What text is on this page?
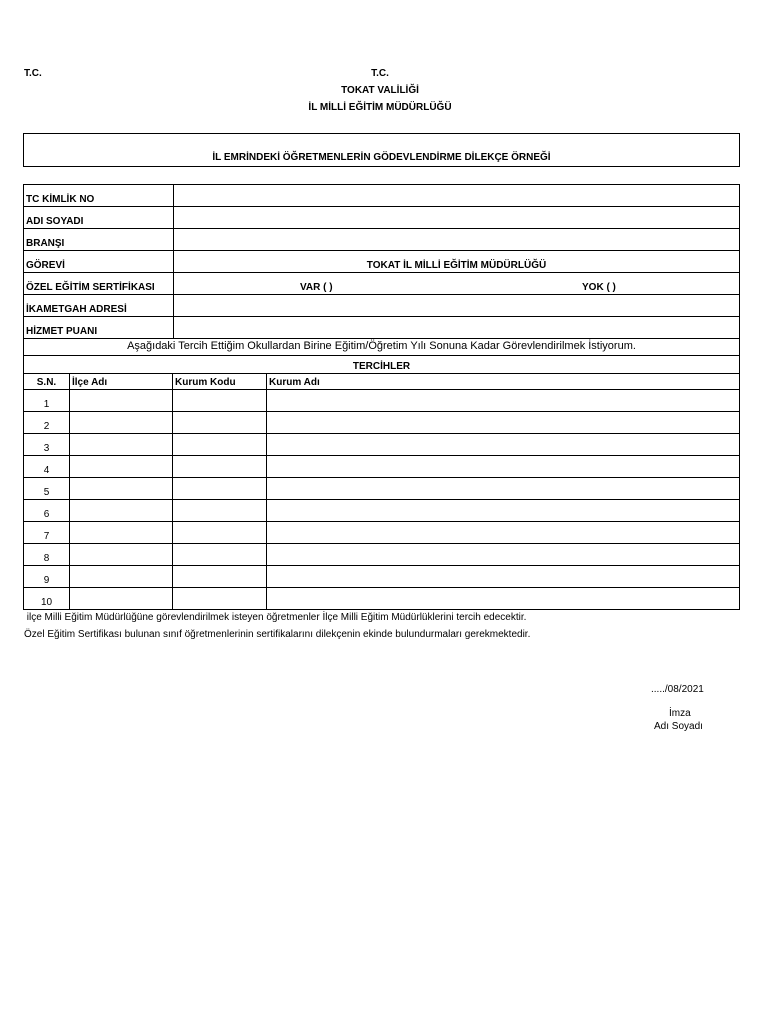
T.C.	T.C.
TOKAT VALİLİĞİ
İL MİLLİ EĞİTİM MÜDÜRLÜĞÜ
İL EMRİNDEKİ ÖĞRETMENLERİN GÖDEVLENDİRME DİLEKÇE ÖRNEĞİ
TC KİMLİK NO	
ADI SOYADI	
BRANŞI	
GÖREVİ	TOKAT İL MİLLİ EĞİTİM MÜDÜRLÜĞÜ
ÖZEL EĞİTİM SERTİFİKASI	VAR ( ) YOK ( )

İKAMETGAH ADRESİ	
HİZMET PUANI	
Aşağıdaki Tercih Ettiğim Okullardan Birine Eğitim/Öğretim Yılı Sonuna Kadar Görevlendirilmek İstiyorum.
TERCİHLER			
S.N.	İlçe Adı	Kurum Kodu	Kurum Adı
1			
2			
3			
4			
5			
6			
7			
8			
9			
10			
ilçe Milli Eğitim Müdürlüğüne görevlendirilmek isteyen öğretmenler İlçe Milli Eğitim Müdürlüklerini tercih edecektir.
Özel Eğitim Sertifikası bulunan sınıf öğretmenlerinin sertifikalarını dilekçenin ekinde bulundurmaları gerekmektedir.
...../08/2021
İmza
Adı Soyadı
